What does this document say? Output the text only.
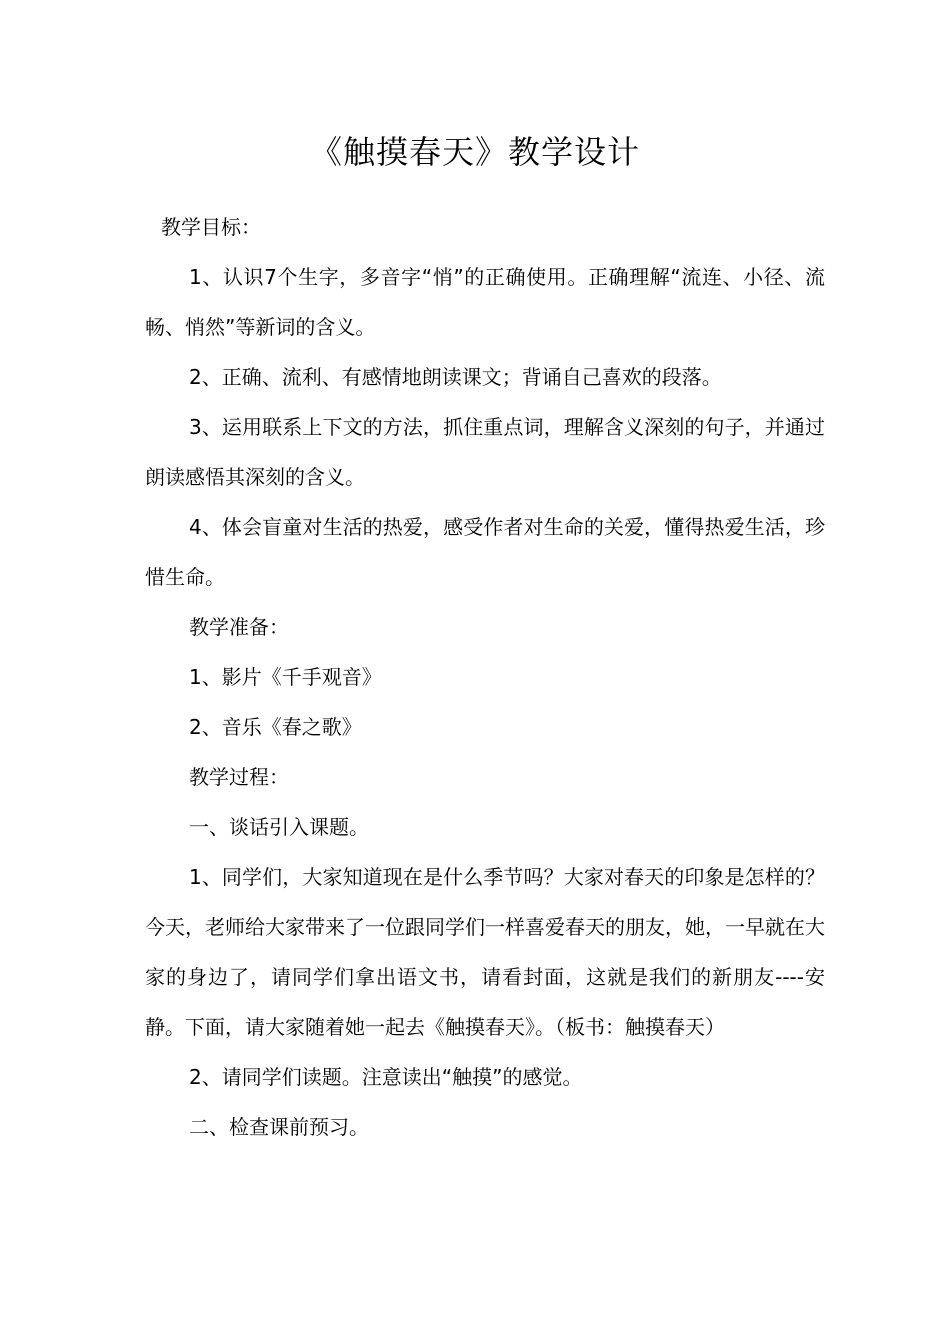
《触摸春天》教学设计

教学目标：

1、认识7个生字，多音字“悄”的正确使用。正确理解“流连、小径、流畅、悄然”等新词的含义。

2、正确、流利、有感情地朗读课文；背诵自己喜欢的段落。

3、运用联系上下文的方法，抓住重点词，理解含义深刻的句子，并通过朗读感悟其深刻的含义。

4、体会盲童对生活的热爱，感受作者对生命的关爱，懂得热爱生活，珍惜生命。

教学准备：

1、影片《千手观音》

2、音乐《春之歌》

教学过程：

一、谈话引入课题。

1、同学们，大家知道现在是什么季节吗？大家对春天的印象是怎样的？今天，老师给大家带来了一位跟同学们一样喜爱春天的朋友，她，一早就在大家的身边了，请同学们拿出语文书，请看封面，这就是我们的新朋友----安静。下面，请大家随着她一起去《触摸春天》。（板书：触摸春天）

2、请同学们读题。注意读出“触摸”的感觉。

二、检查课前预习。
